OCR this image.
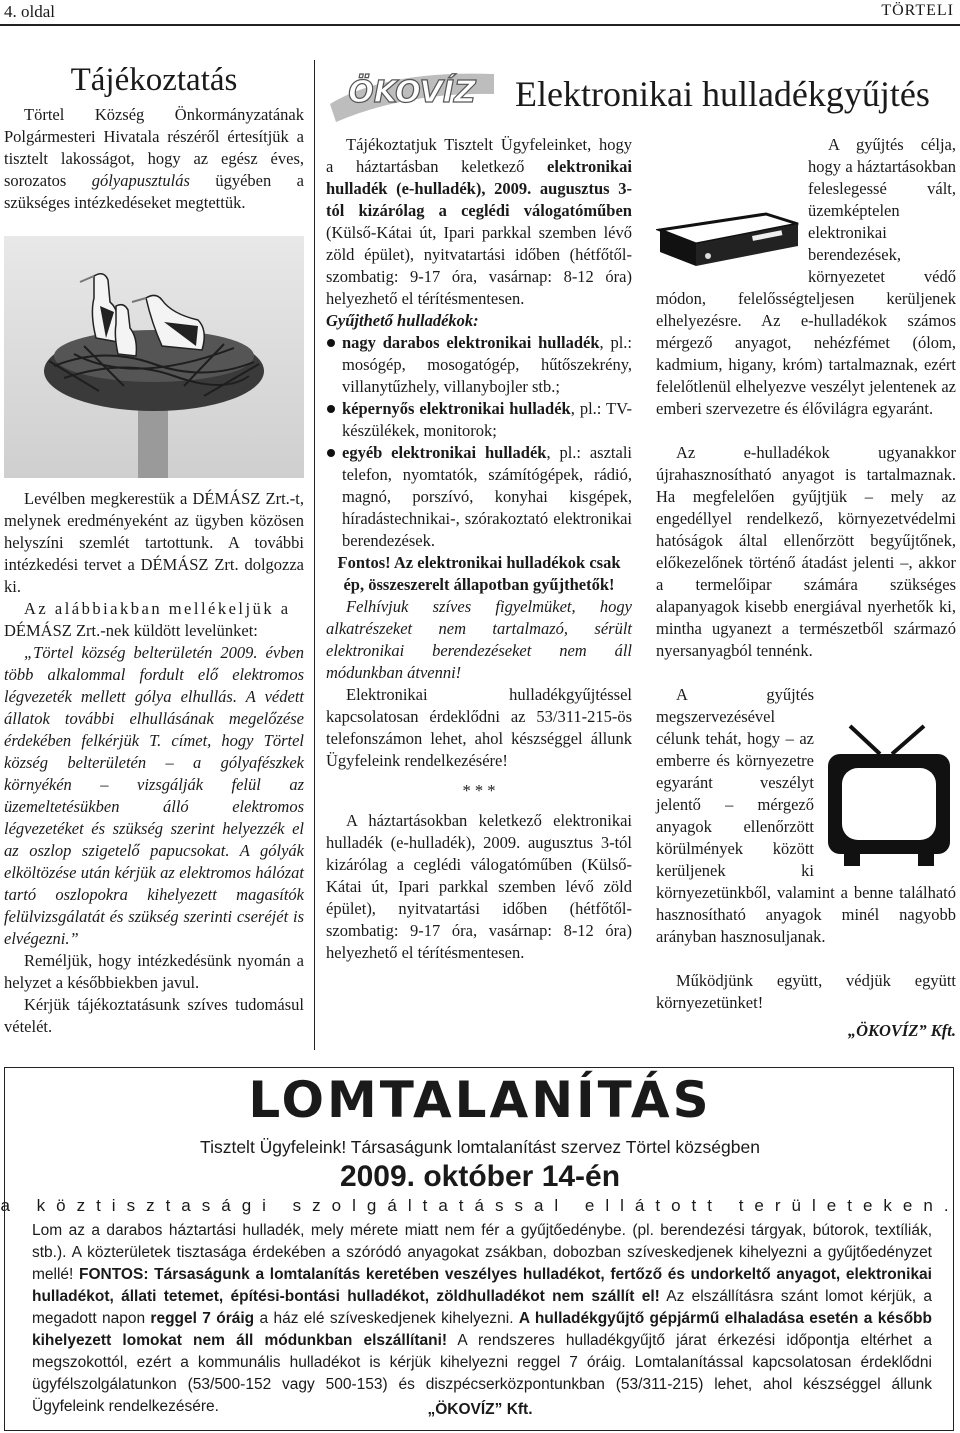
4. oldal	TÖRTELI
Tájékoztatás

Törtel Község Önkormányzatának Polgármesteri Hivatala részéről értesítjük a tisztelt lakosságot, hogy az egész éves, sorozatos gólyapusztulás ügyében a szükséges intézkedéseket megtettük.

Levélben megkerestük a DÉMÁSZ Zrt.-t, melynek eredményeként az ügyben közösen helyszíni szemlét tartottunk. A további intézkedési tervet a DÉMÁSZ Zrt. dolgozza ki.

Az alábbiakban mellékeljük a

DÉMÁSZ Zrt.-nek küldött levelünket:

„Törtel község belterületén 2009. évben több alkalommal fordult elő elektromos légvezeték mellett gólya elhullás. A védett állatok további elhullásának megelőzése érdekében felkérjük T. címet, hogy Törtel község belterületén – a gólyafészkek környékén – vizsgálják felül az üzemeltetésükben álló elektromos légvezetéket és szükség szerint helyezzék el az oszlop szigetelő papucsokat. A gólyák elköltözése után kérjük az elektromos hálózat tartó oszlopokra kihelyezett magasítók felülvizsgálatát és szükség szerinti cseréjét is elvégezni.”

Reméljük, hogy intézkedésünk nyomán a helyzet a későbbiekben javul.

Kérjük tájékoztatásunk szíves tudomásul vételét.

ÖKOVÍZ Elektronikai hulladékgyűjtés

Tájékoztatjuk Tisztelt Ügyfeleinket, hogy a háztartásban keletkező elektronikai hulladék (e-hulladék), 2009. augusztus 3-tól kizárólag a ceglédi válogatóműben (Külső-Kátai út, Ipari parkkal szemben lévő zöld épület), nyitvatartási időben (hétfőtől-szombatig: 9-17 óra, vasárnap: 8-12 óra) helyezhető el térítésmentesen.

Gyűjthető hulladékok:

nagy darabos elektronikai hulladék, pl.: mosógép, mosogatógép, hűtőszekrény, villanytűzhely, villanybojler stb.;

képernyős elektronikai hulladék, pl.: TV-készülékek, monitorok;

egyéb elektronikai hulladék, pl.: asztali telefon, nyomtatók, számítógépek, rádió, magnó, porszívó, konyhai kisgépek, híradástechnikai-, szórakoztató elektronikai berendezések.

Fontos! Az elektronikai hulladékok csak ép, összeszerelt állapotban gyűjthetők!

Felhívjuk szíves figyelmüket, hogy alkatrészeket nem tartalmazó, sérült elektronikai berendezéseket nem áll módunkban átvenni!

Elektronikai hulladékgyűjtéssel kapcsolatosan érdeklődni az 53/311-215-ös telefonszámon lehet, ahol készséggel állunk Ügyfeleink rendelkezésére!

* * *

A háztartásokban keletkező elektronikai hulladék (e-hulladék), 2009. augusztus 3-tól kizárólag a ceglédi válogatóműben (Külső-Kátai út, Ipari parkkal szemben lévő zöld épület), nyitvatartási időben (hétfőtől-szombatig: 9-17 óra, vasárnap: 8-12 óra) helyezhető el térítésmentesen.

A gyűjtés célja, hogy a háztartásokban feleslegessé vált, üzemképtelen elektronikai berendezések, környezetet védő módon, felelősségteljesen kerüljenek elhelyezésre. Az e-hulladékok számos mérgező anyagot, nehézfémet (ólom, kadmium, higany, króm) tartalmaznak, ezért felelőtlenül elhelyezve veszélyt jelentenek az emberi szervezetre és élővilágra egyaránt.

Az e-hulladékok ugyanakkor újrahasznosítható anyagot is tartalmaznak. Ha megfelelően gyűjtjük – mely az engedéllyel rendelkező, környezetvédelmi hatóságok által ellenőrzött begyűjtőnek, előkezelőnek történő átadást jelenti –, akkor a termelőipar számára szükséges alapanyagok kisebb energiával nyerhetők ki, mintha ugyanezt a természetből származó nyersanyagból tennénk.

A gyűjtés megszervezésével célunk tehát, hogy – az emberre és környezetre egyaránt veszélyt jelentő – mérgező anyagok ellenőrzött körülmények között kerüljenek ki környezetünkből, valamint a benne található hasznosítható anyagok minél nagyobb arányban hasznosuljanak.

Működjünk együtt, védjük együtt környezetünket!

„ÖKOVÍZ” Kft.

LOMTALANÍTÁS
Tisztelt Ügyfeleink! Társaságunk lomtalanítást szervez Törtel községben
2009. október 14-én
a köztisztasági szolgáltatással ellátott területeken.
Lom az a darabos háztartási hulladék, mely mérete miatt nem fér a gyűjtőedénybe. (pl. berendezési tárgyak, bútorok, textíliák, stb.). A közterületek tisztasága érdekében a szóródó anyagokat zsákban, dobozban szíveskedjenek kihelyezni a gyűjtőedényzet mellé! FONTOS: Társaságunk a lomtalanítás keretében veszélyes hulladékot, fertőző és undorkeltő anyagot, elektronikai hulladékot, állati tetemet, építési-bontási hulladékot, zöldhulladékot nem szállít el! Az elszállításra szánt lomot kérjük, a megadott napon reggel 7 óráig a ház elé szíveskedjenek kihelyezni. A hulladékgyűjtő gépjármű elhaladása esetén a később kihelyezett lomokat nem áll módunkban elszállítani! A rendszeres hulladékgyűjtő járat érkezési időpontja eltérhet a megszokottól, ezért a kommunális hulladékot is kérjük kihelyezni reggel 7 óráig. Lomtalanítással kapcsolatosan érdeklődni ügyfélszolgálatunkon (53/500-152 vagy 500-153) és diszpécserközpontunkban (53/311-215) lehet, ahol készséggel állunk Ügyfeleink rendelkezésére.	„ÖKOVÍZ” Kft.
